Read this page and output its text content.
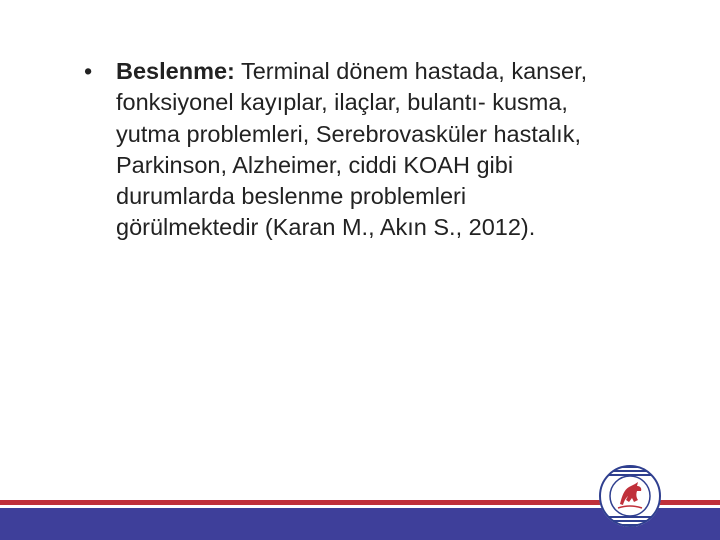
•	Beslenme: Terminal dönem hastada, kanser, fonksiyonel kayıplar, ilaçlar, bulantı- kusma, yutma problemleri, Serebrovasküler hastalık, Parkinson, Alzheimer, ciddi KOAH gibi durumlarda beslenme problemleri görülmektedir (Karan M., Akın S., 2012).
